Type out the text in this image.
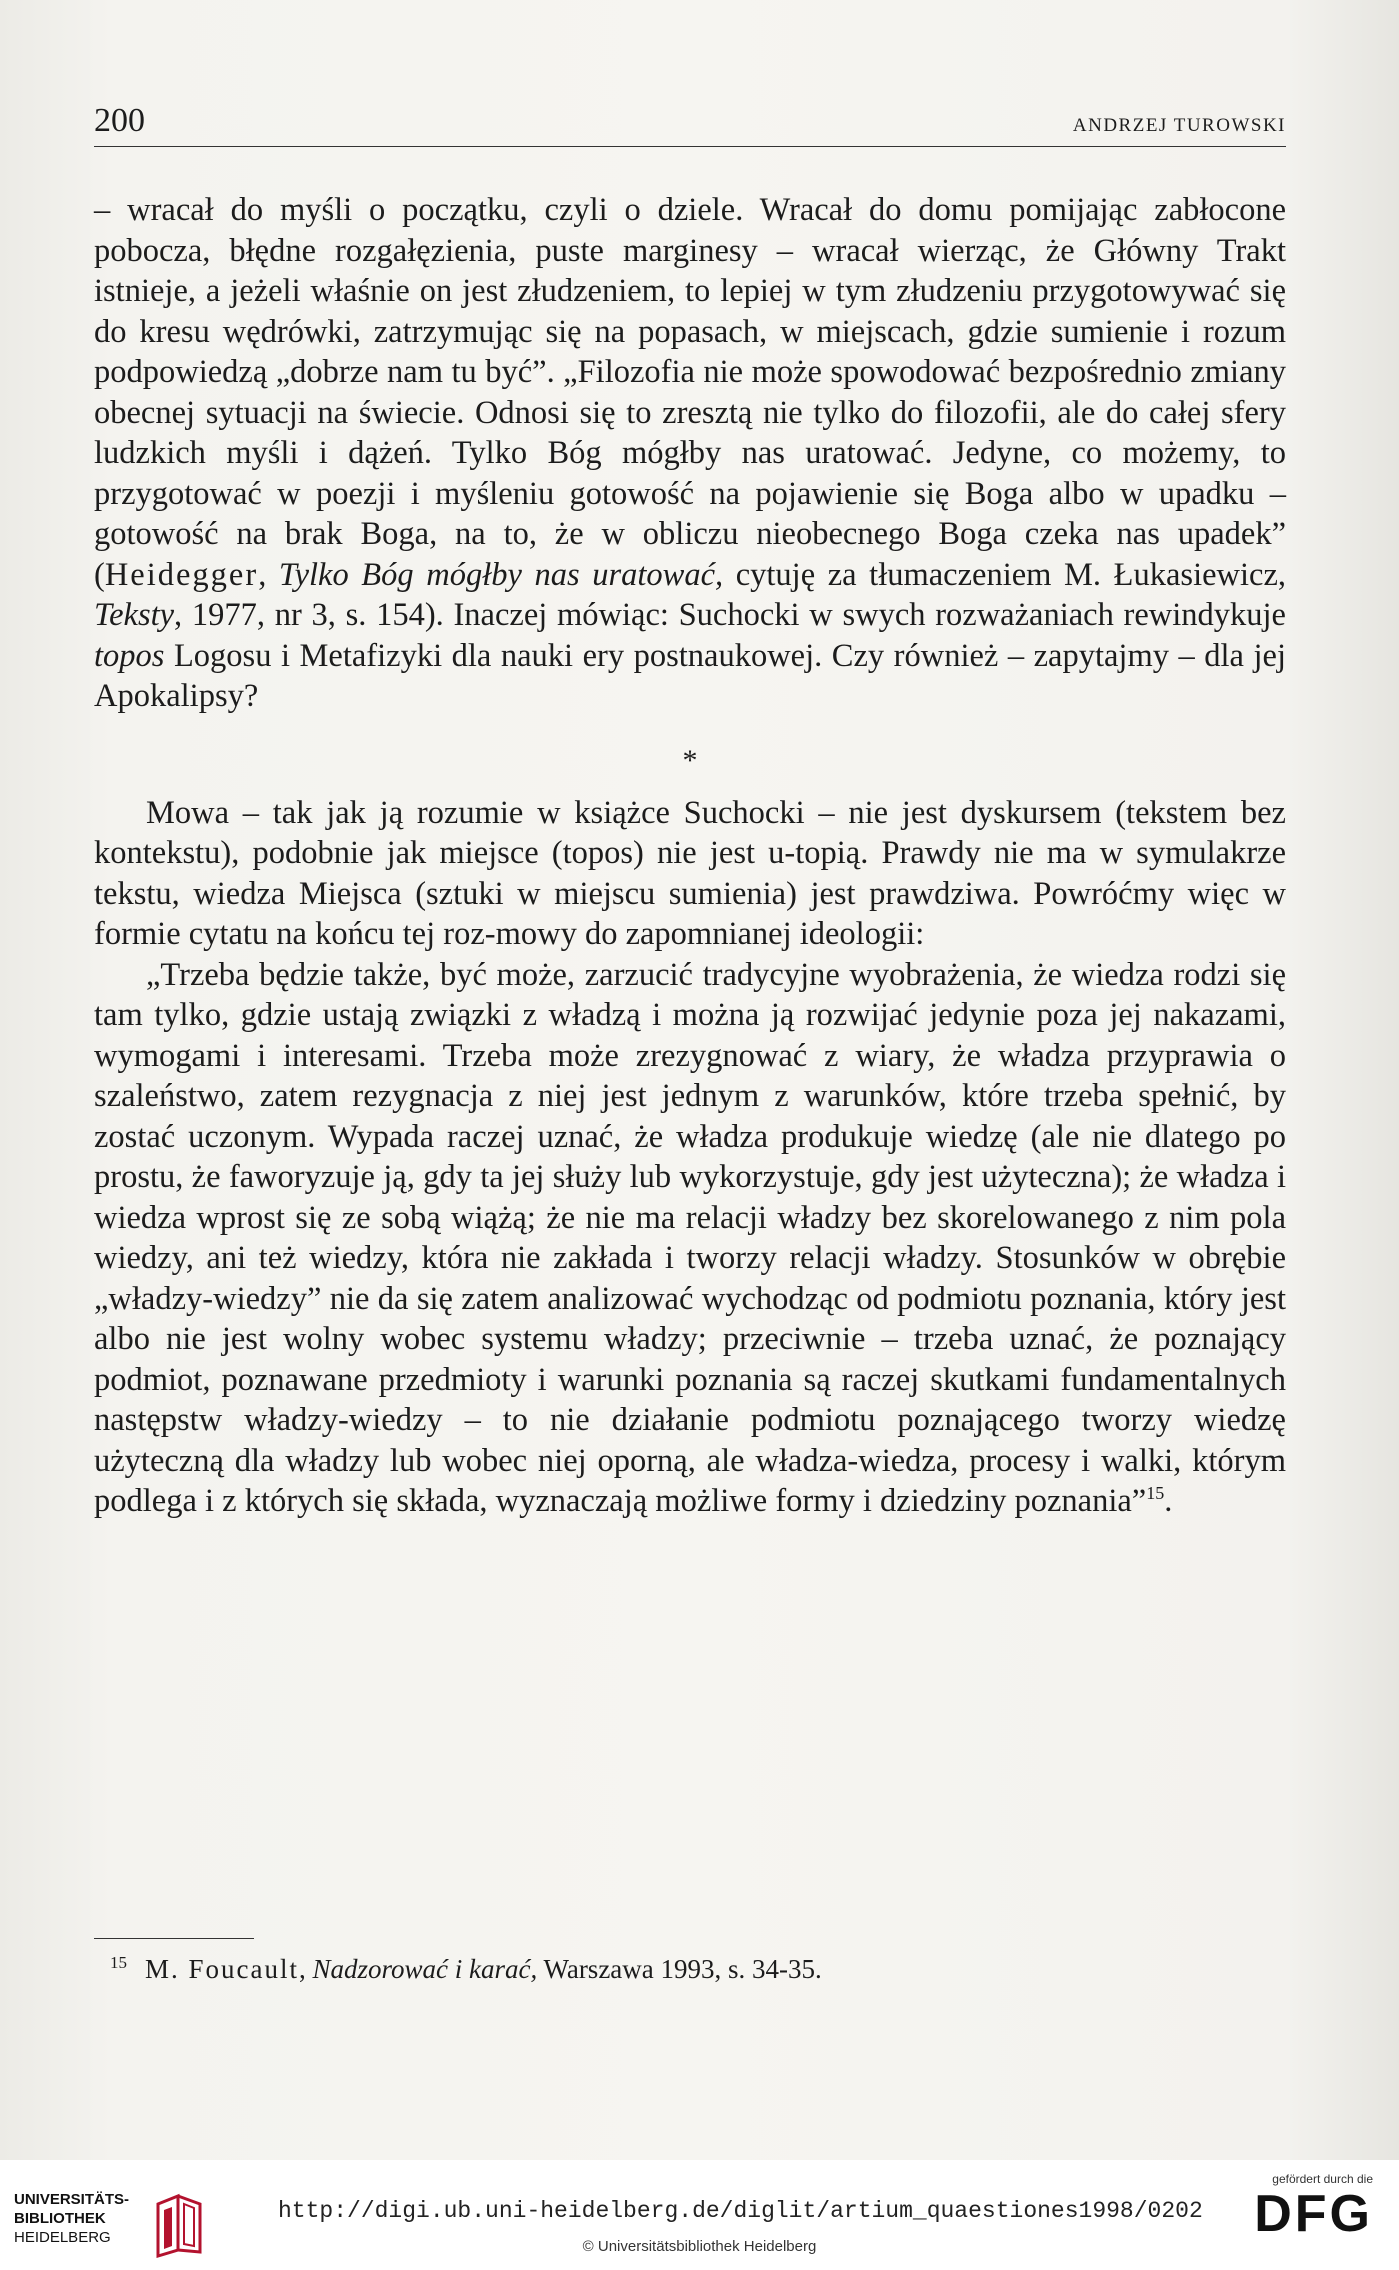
200	ANDRZEJ TUROWSKI

– wracał do myśli o początku, czyli o dziele. Wracał do domu pomijając zabłocone pobocza, błędne rozgałęzienia, puste marginesy – wracał wierząc, że Główny Trakt istnieje, a jeżeli właśnie on jest złudzeniem, to lepiej w tym złudzeniu przygotowywać się do kresu wędrówki, zatrzymując się na popasach, w miejscach, gdzie sumienie i rozum podpowiedzą „dobrze nam tu być”. „Filozofia nie może spowodować bezpośrednio zmiany obecnej sytuacji na świecie. Odnosi się to zresztą nie tylko do filozofii, ale do całej sfery ludzkich myśli i dążeń. Tylko Bóg mógłby nas uratować. Jedyne, co możemy, to przygotować w poezji i myśleniu gotowość na pojawienie się Boga albo w upadku – gotowość na brak Boga, na to, że w obliczu nieobecnego Boga czeka nas upadek” (Heidegger, Tylko Bóg mógłby nas uratować, cytuję za tłumaczeniem M. Łukasiewicz, Teksty, 1977, nr 3, s. 154). Inaczej mówiąc: Suchocki w swych rozważaniach rewindykuje topos Logosu i Metafizyki dla nauki ery postnaukowej. Czy również – zapytajmy – dla jej Apokalipsy?

*

Mowa – tak jak ją rozumie w książce Suchocki – nie jest dyskursem (tekstem bez kontekstu), podobnie jak miejsce (topos) nie jest u-topią. Prawdy nie ma w symulakrze tekstu, wiedza Miejsca (sztuki w miejscu sumienia) jest prawdziwa. Powróćmy więc w formie cytatu na końcu tej roz-mowy do zapomnianej ideologii:

„Trzeba będzie także, być może, zarzucić tradycyjne wyobrażenia, że wiedza rodzi się tam tylko, gdzie ustają związki z władzą i można ją rozwijać jedynie poza jej nakazami, wymogami i interesami. Trzeba może zrezygnować z wiary, że władza przyprawia o szaleństwo, zatem rezygnacja z niej jest jednym z warunków, które trzeba spełnić, by zostać uczonym. Wypada raczej uznać, że władza produkuje wiedzę (ale nie dlatego po prostu, że faworyzuje ją, gdy ta jej służy lub wykorzystuje, gdy jest użyteczna); że władza i wiedza wprost się ze sobą wiążą; że nie ma relacji władzy bez skorelowanego z nim pola wiedzy, ani też wiedzy, która nie zakłada i tworzy relacji władzy. Stosunków w obrębie „władzy-wiedzy” nie da się zatem analizować wychodząc od podmiotu poznania, który jest albo nie jest wolny wobec systemu władzy; przeciwnie – trzeba uznać, że poznający podmiot, poznawane przedmioty i warunki poznania są raczej skutkami fundamentalnych następstw władzy-wiedzy – to nie działanie podmiotu poznającego tworzy wiedzę użyteczną dla władzy lub wobec niej oporną, ale władza-wiedza, procesy i walki, którym podlega i z których się składa, wyznaczają możliwe formy i dziedziny poznania”$^{15}$.

$^{15}$ M. Foucault, Nadzorować i karać, Warszawa 1993, s. 34-35.
UNIVERSITÄTS-
BIBLIOTHEK
HEIDELBERG
http://digi.ub.uni-heidelberg.de/diglit/artium_quaestiones1998/0202
© Universitätsbibliothek Heidelberg
gefördert durch die
DFG
